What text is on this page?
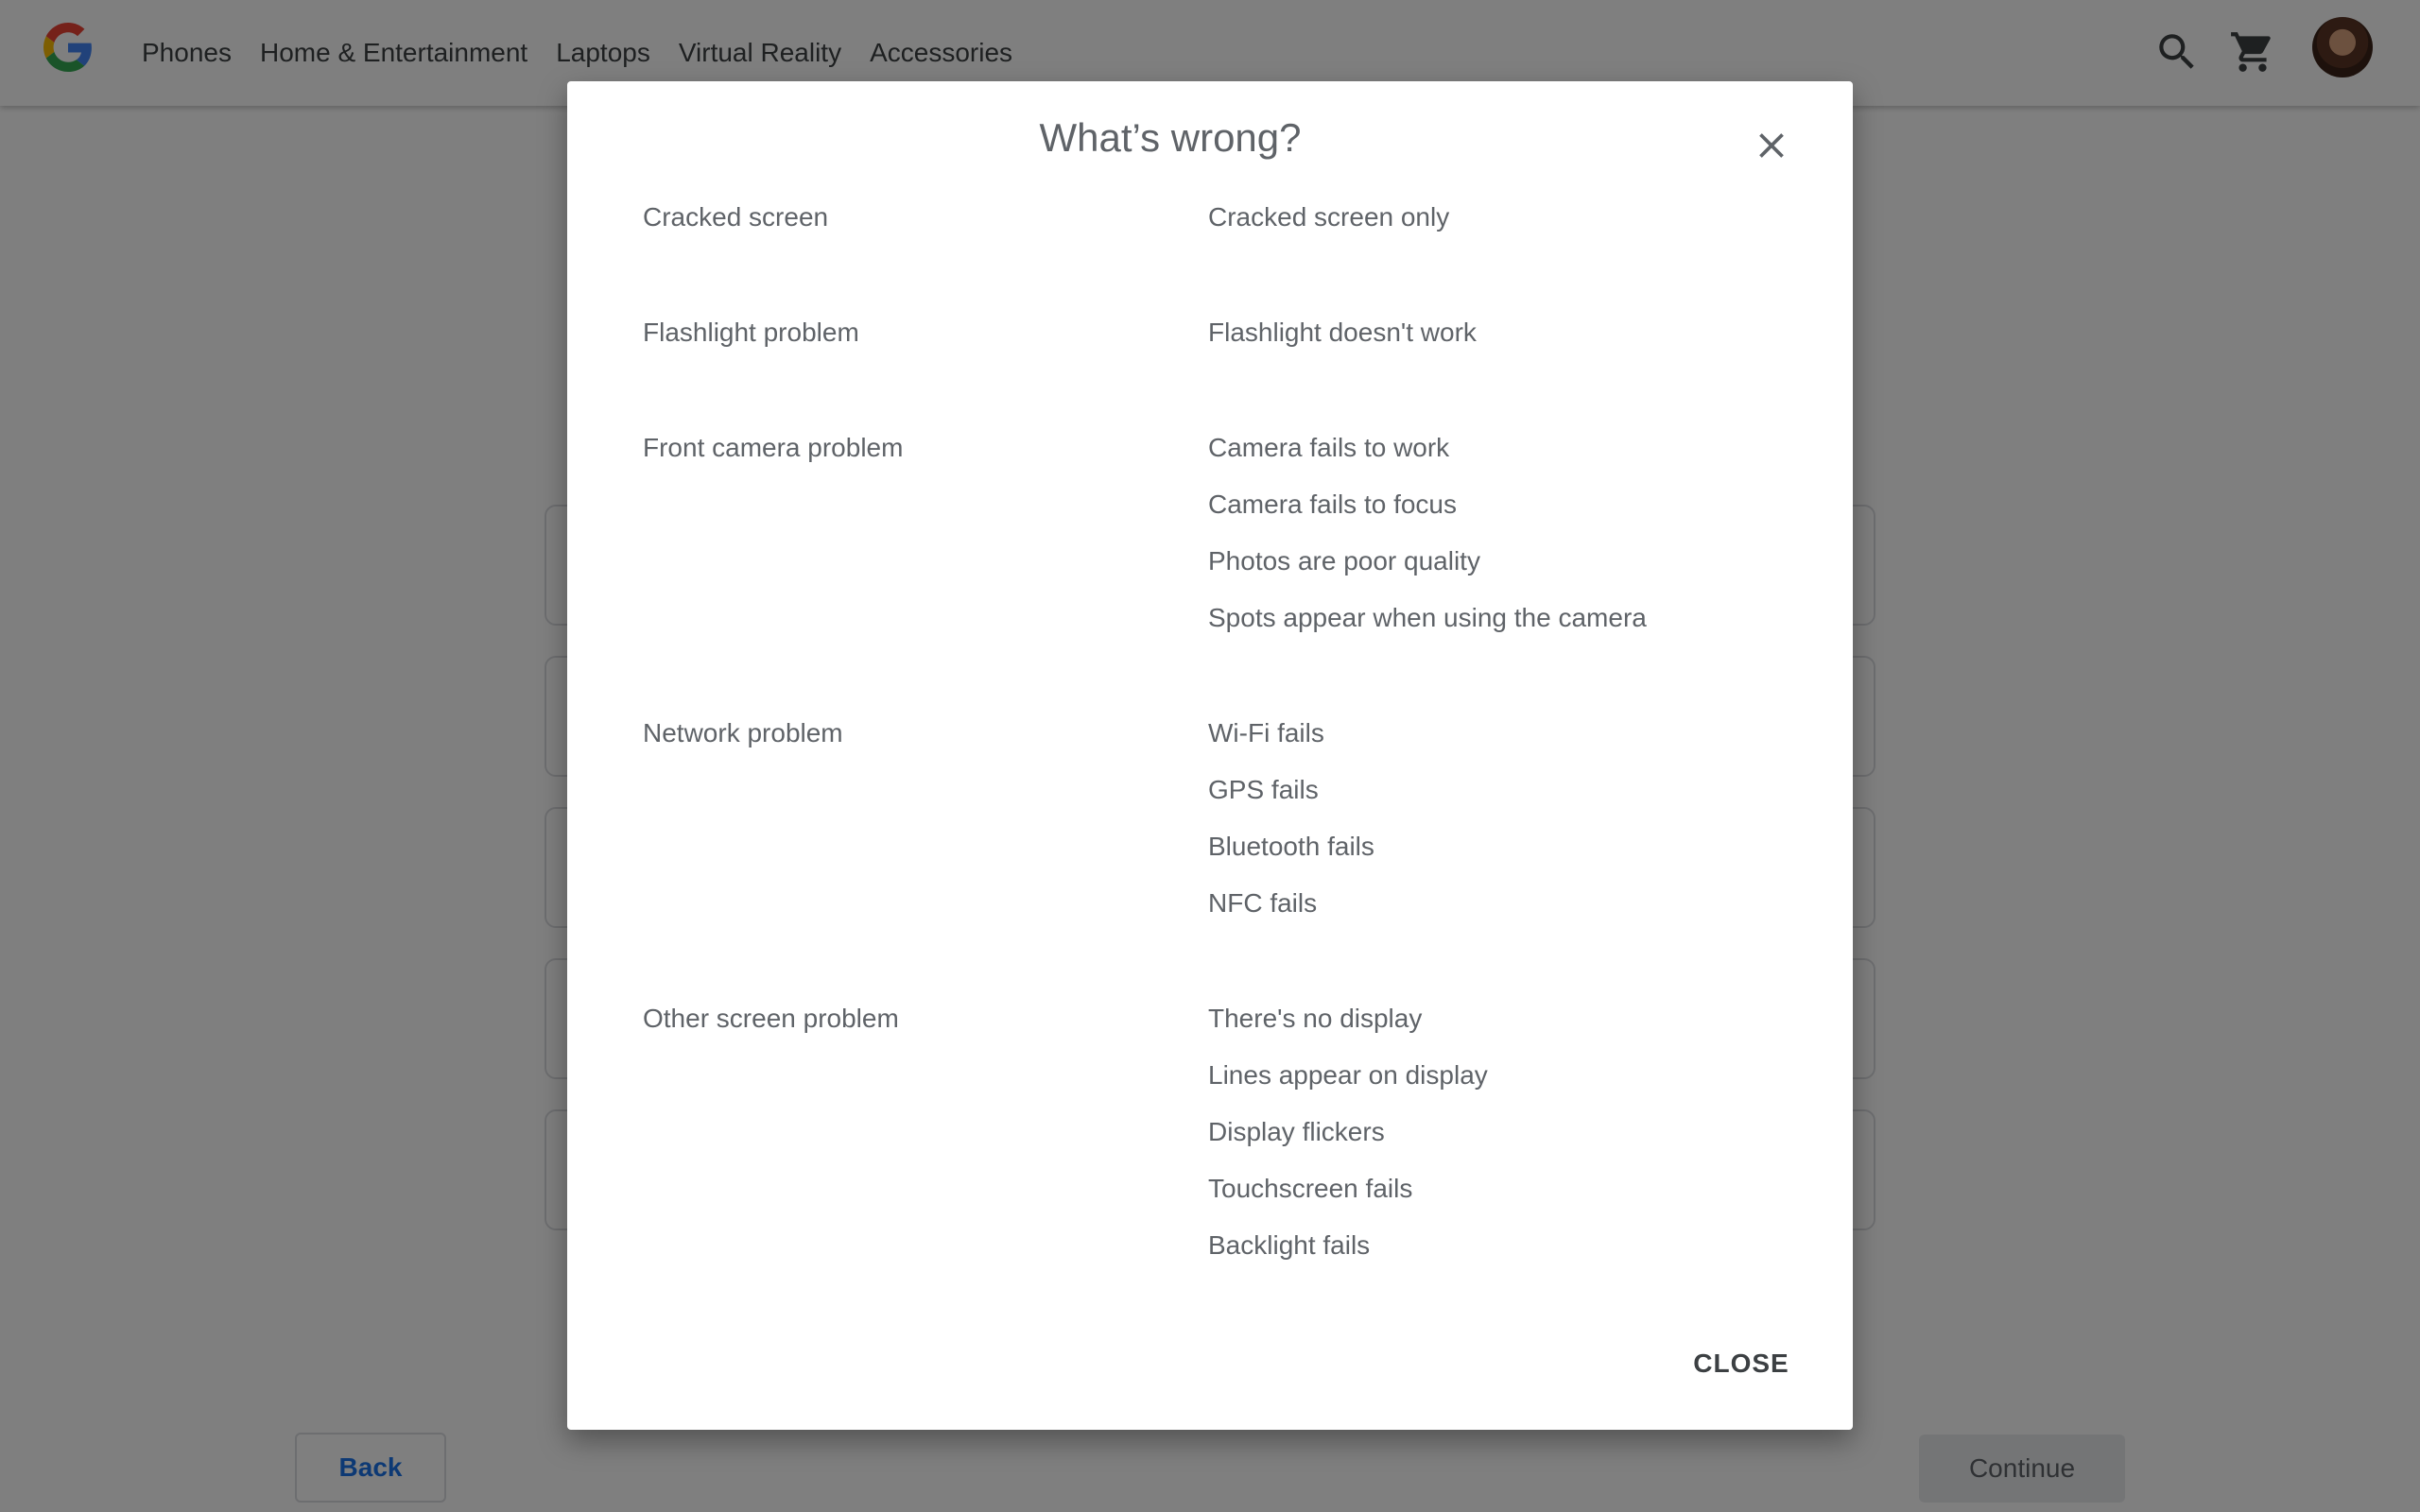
What’s wrong?
Cracked screen	Cracked screen only
Flashlight problem	Flashlight doesn't work
Front camera problem	Camera fails to work
Camera fails to focus
Photos are poor quality
Spots appear when using the camera
Network problem	Wi-Fi fails
GPS fails
Bluetooth fails
NFC fails
Other screen problem	There's no display
Lines appear on display
Display flickers
Touchscreen fails
Backlight fails
CLOSE
